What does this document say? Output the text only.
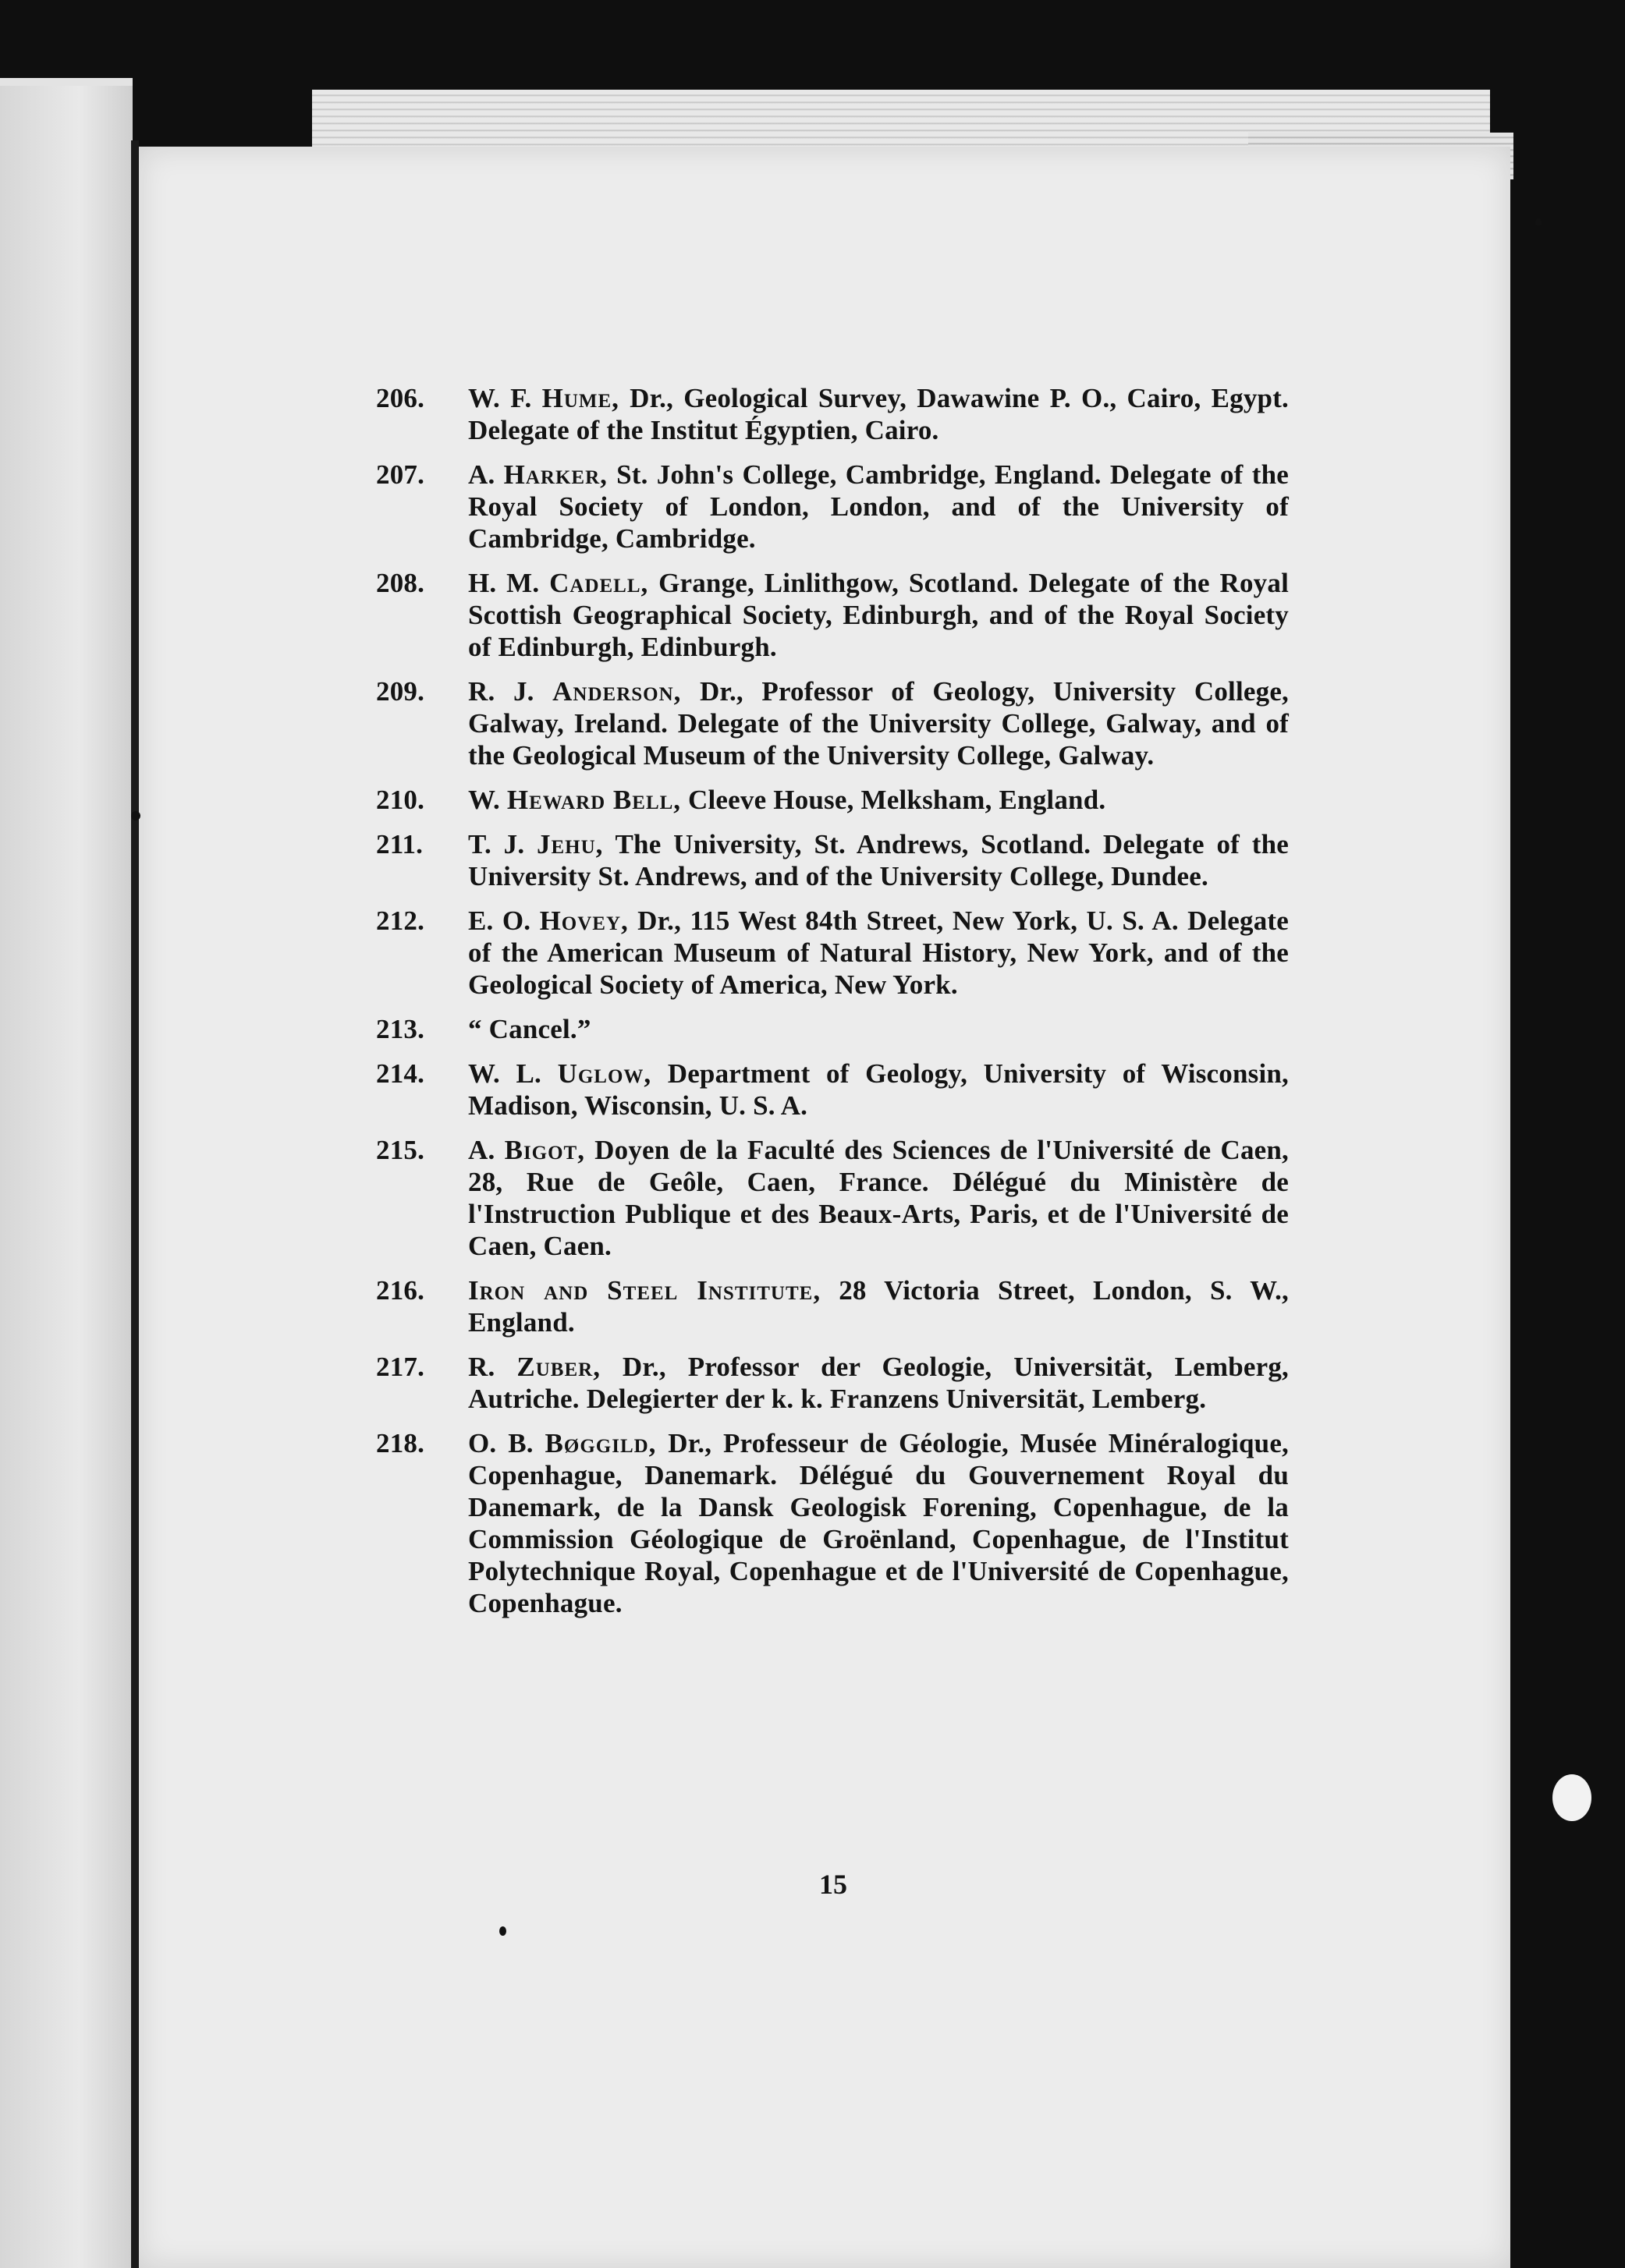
206.	W. F. Hume, Dr., Geological Survey, Dawawine P. O., Cairo, Egypt. Delegate of the Institut Égyptien, Cairo.
207.	A. Harker, St. John's College, Cambridge, England. Delegate of the Royal Society of London, London, and of the University of Cambridge, Cambridge.
208.	H. M. Cadell, Grange, Linlithgow, Scotland. Delegate of the Royal Scottish Geographical Society, Edinburgh, and of the Royal Society of Edinburgh, Edinburgh.
209.	R. J. Anderson, Dr., Professor of Geology, University College, Galway, Ireland. Delegate of the University College, Galway, and of the Geological Museum of the University College, Galway.
210.	W. Heward Bell, Cleeve House, Melksham, England.
211.	T. J. Jehu, The University, St. Andrews, Scotland. Delegate of the University St. Andrews, and of the University College, Dundee.
212.	E. O. Hovey, Dr., 115 West 84th Street, New York, U. S. A. Delegate of the American Museum of Natural History, New York, and of the Geological Society of America, New York.
213.	“ Cancel.”
214.	W. L. Uglow, Department of Geology, University of Wisconsin, Madison, Wisconsin, U. S. A.
215.	A. Bigot, Doyen de la Faculté des Sciences de l'Université de Caen, 28, Rue de Geôle, Caen, France. Délégué du Ministère de l'Instruction Publique et des Beaux-Arts, Paris, et de l'Université de Caen, Caen.
216.	Iron and Steel Institute, 28 Victoria Street, London, S. W., England.
217.	R. Zuber, Dr., Professor der Geologie, Universität, Lemberg, Autriche. Delegierter der k. k. Franzens Universität, Lemberg.
218.	O. B. Bøggild, Dr., Professeur de Géologie, Musée Minéralogique, Copenhague, Danemark. Délégué du Gouvernement Royal du Danemark, de la Dansk Geologisk Forening, Copenhague, de la Commission Géologique de Groënland, Copenhague, de l'Institut Polytechnique Royal, Copenhague et de l'Université de Copenhague, Copenhague.
15
